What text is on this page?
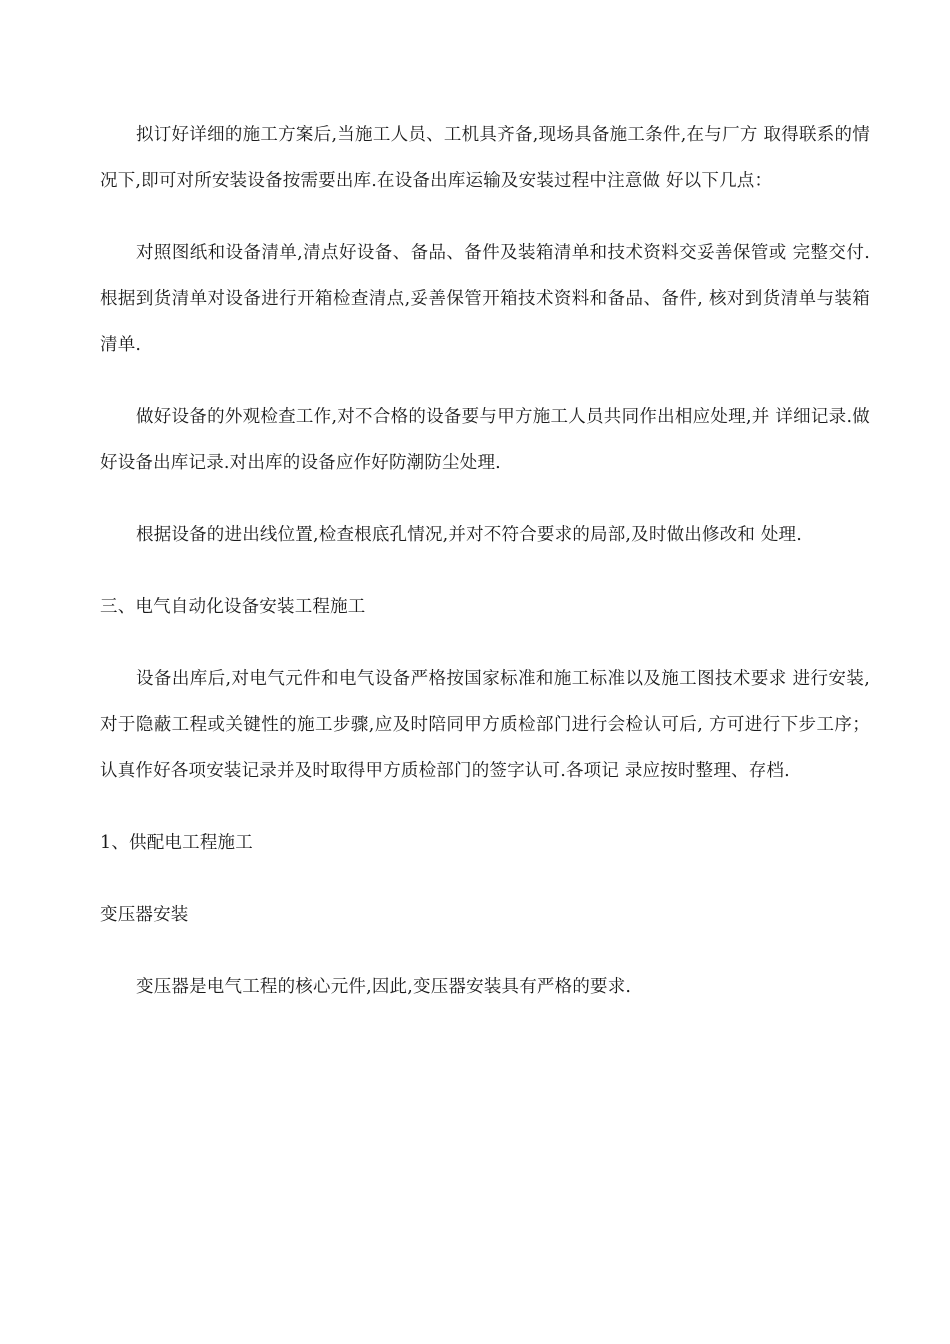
拟订好详细的施工方案后,当施工人员、工机具齐备,现场具备施工条件,在与厂方 取得联系的情况下,即可对所安装设备按需要出库.在设备出库运输及安装过程中注意做 好以下几点：

对照图纸和设备清单,清点好设备、备品、备件及装箱清单和技术资料交妥善保管或 完整交付.根据到货清单对设备进行开箱检查清点,妥善保管开箱技术资料和备品、备件, 核对到货清单与装箱清单.

做好设备的外观检查工作,对不合格的设备要与甲方施工人员共同作出相应处理,并 详细记录.做好设备出库记录.对出库的设备应作好防潮防尘处理.

根据设备的进出线位置,检查根底孔情况,并对不符合要求的局部,及时做出修改和 处理.

三、电气自动化设备安装工程施工

设备出库后,对电气元件和电气设备严格按国家标准和施工标准以及施工图技术要求 进行安装,对于隐蔽工程或关键性的施工步骤,应及时陪同甲方质检部门进行会检认可后, 方可进行下步工序；认真作好各项安装记录并及时取得甲方质检部门的签字认可.各项记 录应按时整理、存档.

1、供配电工程施工

变压器安装

变压器是电气工程的核心元件,因此,变压器安装具有严格的要求.
